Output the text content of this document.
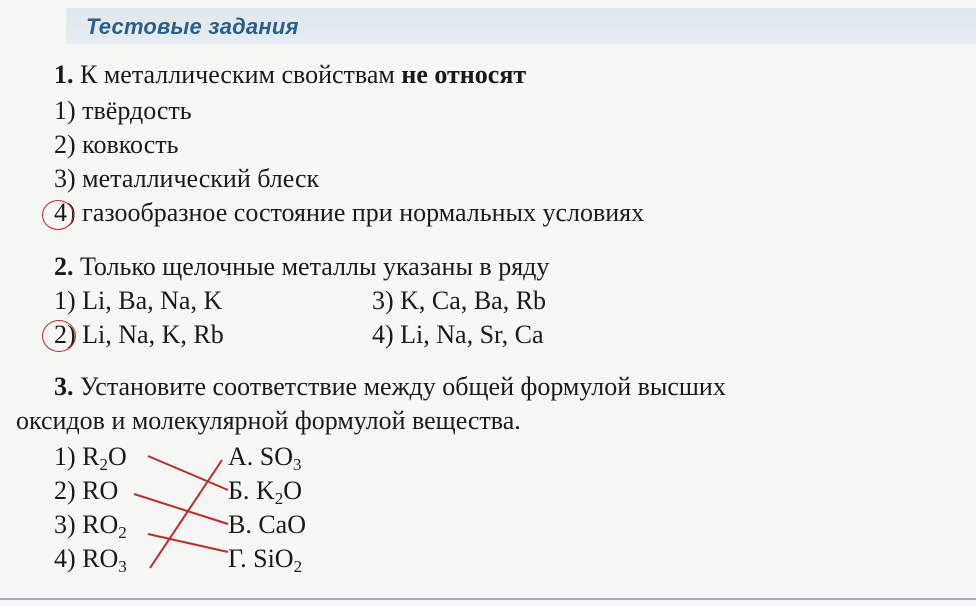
Тестовые задания
1. К металлическим свойствам не относят
1) твёрдость
2) ковкость
3) металлический блеск
4) газообразное состояние при нормальных условиях
2. Только щелочные металлы указаны в ряду
1) Li, Ba, Na, K	3) K, Ca, Ba, Rb
2) Li, Na, K, Rb	4) Li, Na, Sr, Ca
3. Установите соответствие между общей формулой высших
оксидов и молекулярной формулой вещества.
1) $R_2O$
2) RO
3) $RO_2$
4) $RO_3$
А. $SO_3$
Б. $K_2O$
В. CaO
Г. SiO$_2$
